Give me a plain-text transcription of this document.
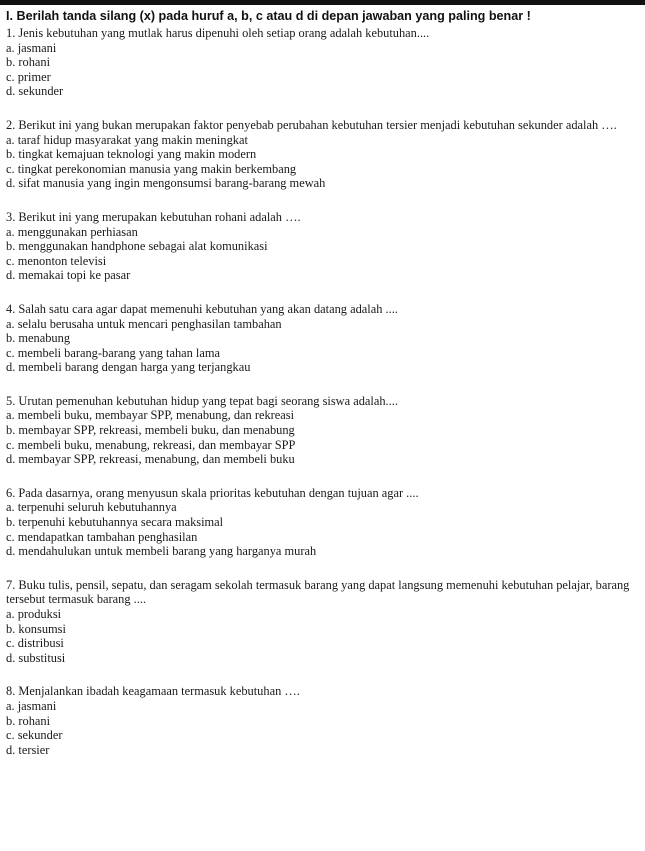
I. Berilah tanda silang (x) pada huruf a, b, c atau d di depan jawaban yang paling benar !
1. Jenis kebutuhan yang mutlak harus dipenuhi oleh setiap orang adalah kebutuhan....
a. jasmani
b. rohani
c. primer
d. sekunder
2. Berikut ini yang bukan merupakan faktor penyebab perubahan kebutuhan tersier menjadi kebutuhan sekunder adalah ….
a. taraf hidup masyarakat yang makin meningkat
b. tingkat kemajuan teknologi yang makin modern
c. tingkat perekonomian manusia yang makin berkembang
d. sifat manusia yang ingin mengonsumsi barang-barang mewah
3. Berikut ini yang merupakan kebutuhan rohani adalah ….
a. menggunakan perhiasan
b. menggunakan handphone sebagai alat komunikasi
c. menonton televisi
d. memakai topi ke pasar
4. Salah satu cara agar dapat memenuhi kebutuhan yang akan datang adalah ....
a. selalu berusaha untuk mencari penghasilan tambahan
b. menabung
c. membeli barang-barang yang tahan lama
d. membeli barang dengan harga yang terjangkau
5. Urutan pemenuhan kebutuhan hidup yang tepat bagi seorang siswa adalah....
a. membeli buku, membayar SPP, menabung, dan rekreasi
b. membayar SPP, rekreasi, membeli buku, dan menabung
c. membeli buku, menabung, rekreasi, dan membayar SPP
d. membayar SPP, rekreasi, menabung, dan membeli buku
6. Pada dasarnya, orang menyusun skala prioritas kebutuhan dengan tujuan agar ....
a. terpenuhi seluruh kebutuhannya
b. terpenuhi kebutuhannya secara maksimal
c. mendapatkan tambahan penghasilan
d. mendahulukan untuk membeli barang yang harganya murah
7. Buku tulis, pensil, sepatu, dan seragam sekolah termasuk barang yang dapat langsung memenuhi kebutuhan pelajar, barang tersebut termasuk barang ....
a. produksi
b. konsumsi
c. distribusi
d. substitusi
8. Menjalankan ibadah keagamaan termasuk kebutuhan ….
a. jasmani
b. rohani
c. sekunder
d. tersier
